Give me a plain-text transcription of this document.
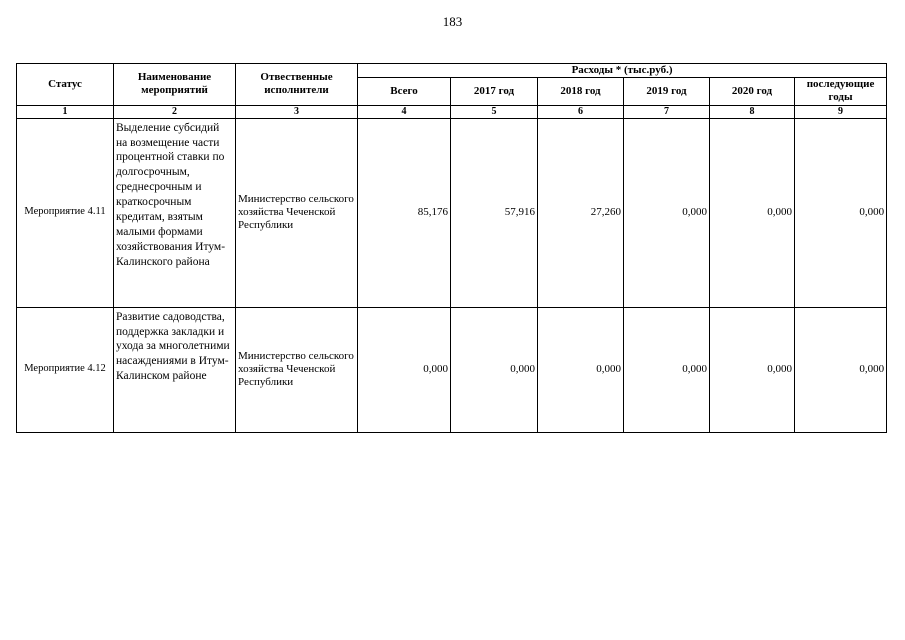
183
Статус	Наименование мероприятий	Отвественные исполнители	Расходы * (тыс.руб.)					
			Всего	2017 год	2018 год	2019 год	2020 год	последующие годы
1	2	3	4	5	6	7	8	9
Мероприятие 4.11	Выделение субсидий на возмещение части процентной ставки по долгосрочным, среднесрочным и краткосрочным кредитам, взятым малыми формами хозяйствования Итум-Калинского района	Министерство сельского хозяйства Чеченской Республики	85,176	57,916	27,260	0,000	0,000	0,000
Мероприятие 4.12	Развитие садоводства, поддержка закладки и ухода за многолетними насаждениями в Итум-Калинском районе	Министерство сельского хозяйства Чеченской Республики	0,000	0,000	0,000	0,000	0,000	0,000
